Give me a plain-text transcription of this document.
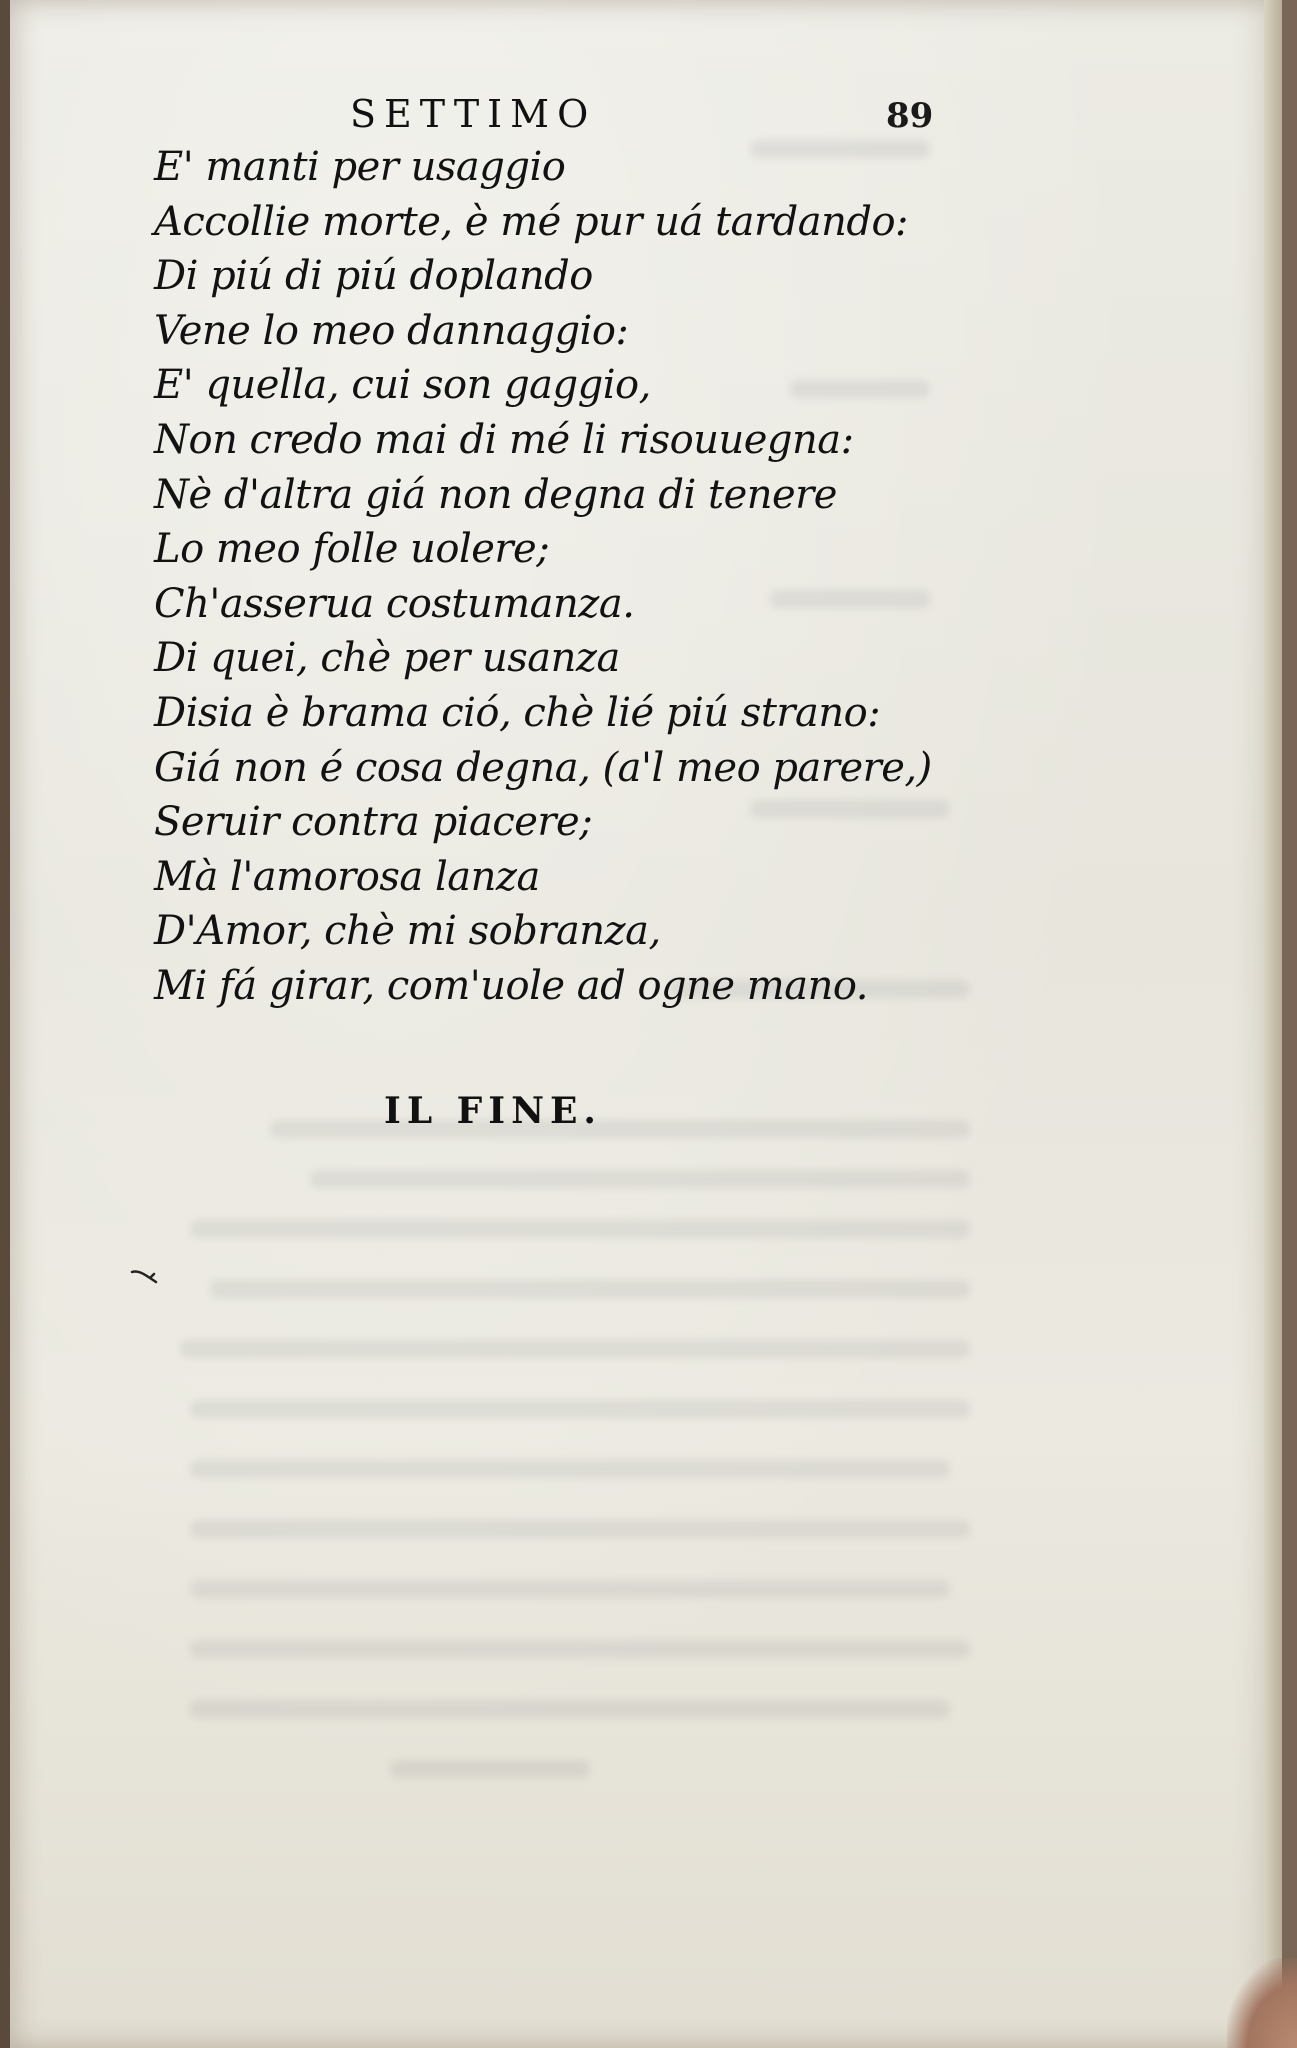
SETTIMO	89
E' manti per usaggio
Accollie morte, è mé pur uá tardando:
Di piú di piú doplando
Vene lo meo dannaggio:
E' quella, cui son gaggio,
Non credo mai di mé li risouuegna:
Nè d'altra giá non degna di tenere
Lo meo folle uolere;
Ch'asserua costumanza.
Di quei, chè per usanza
Disia è brama ció, chè lié piú strano:
Giá non é cosa degna, (a'l meo parere,)
Seruir contra piacere;
Mà l'amorosa lanza
D'Amor, chè mi sobranza,
Mi fá girar, com'uole ad ogne mano.
IL FINE.
